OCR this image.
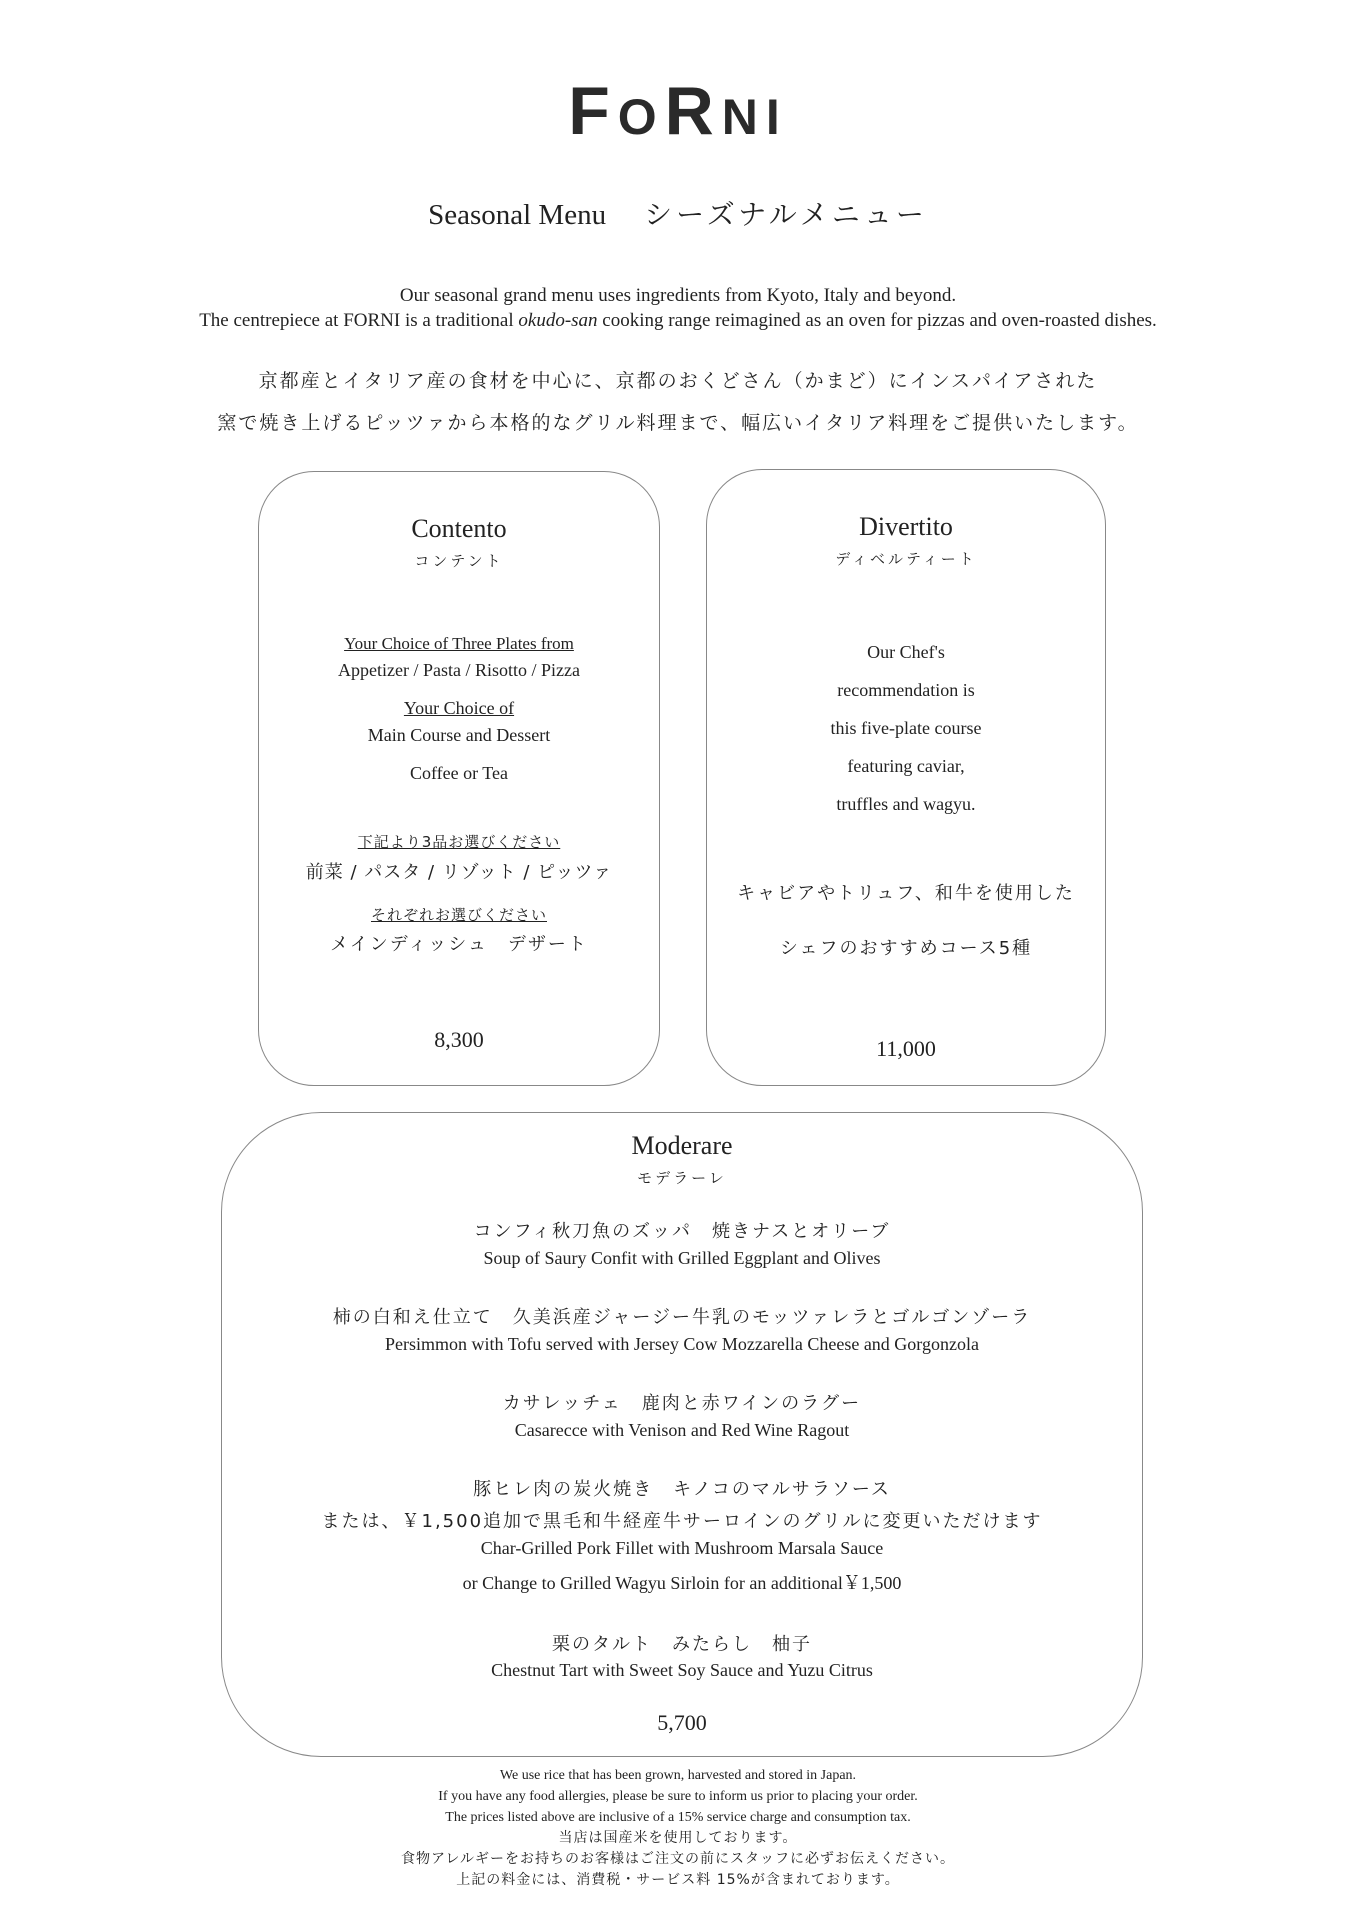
FORNI
Seasonal Menu シーズナルメニュー
Our seasonal grand menu uses ingredients from Kyoto, Italy and beyond.
The centrepiece at FORNI is a traditional okudo-san cooking range reimagined as an oven for pizzas and oven-roasted dishes.
京都産とイタリア産の食材を中心に、京都のおくどさん（かまど）にインスパイアされた
窯で焼き上げるピッツァから本格的なグリル料理まで、幅広いイタリア料理をご提供いたします。
Contento
コンテント
Your Choice of Three Plates from
Appetizer / Pasta / Risotto / Pizza
Your Choice of
Main Course and Dessert
Coffee or Tea
下記より3品お選びください
前菜 / パスタ / リゾット / ピッツァ
それぞれお選びください
メインディッシュ　デザート
8,300
Divertito
ディベルティート
Our Chef's
recommendation is
this five-plate course
featuring caviar,
truffles and wagyu.
キャビアやトリュフ、和牛を使用した
シェフのおすすめコース5種
11,000
Moderare
モデラーレ
コンフィ秋刀魚のズッパ　焼きナスとオリーブ
Soup of Saury Confit with Grilled Eggplant and Olives
柿の白和え仕立て　久美浜産ジャージー牛乳のモッツァレラとゴルゴンゾーラ
Persimmon with Tofu served with Jersey Cow Mozzarella Cheese and Gorgonzola
カサレッチェ　鹿肉と赤ワインのラグー
Casarecce with Venison and Red Wine Ragout
豚ヒレ肉の炭火焼き　キノコのマルサラソース
または、￥1,500追加で黒毛和牛経産牛サーロインのグリルに変更いただけます
Char-Grilled Pork Fillet with Mushroom Marsala Sauce
or Change to Grilled Wagyu Sirloin for an additional￥1,500
栗のタルト　みたらし　柚子
Chestnut Tart with Sweet Soy Sauce and Yuzu Citrus
5,700
We use rice that has been grown, harvested and stored in Japan.
If you have any food allergies, please be sure to inform us prior to placing your order.
The prices listed above are inclusive of a 15% service charge and consumption tax.
当店は国産米を使用しております。
食物アレルギーをお持ちのお客様はご注文の前にスタッフに必ずお伝えください。
上記の料金には、消費税・サービス料 15%が含まれております。
